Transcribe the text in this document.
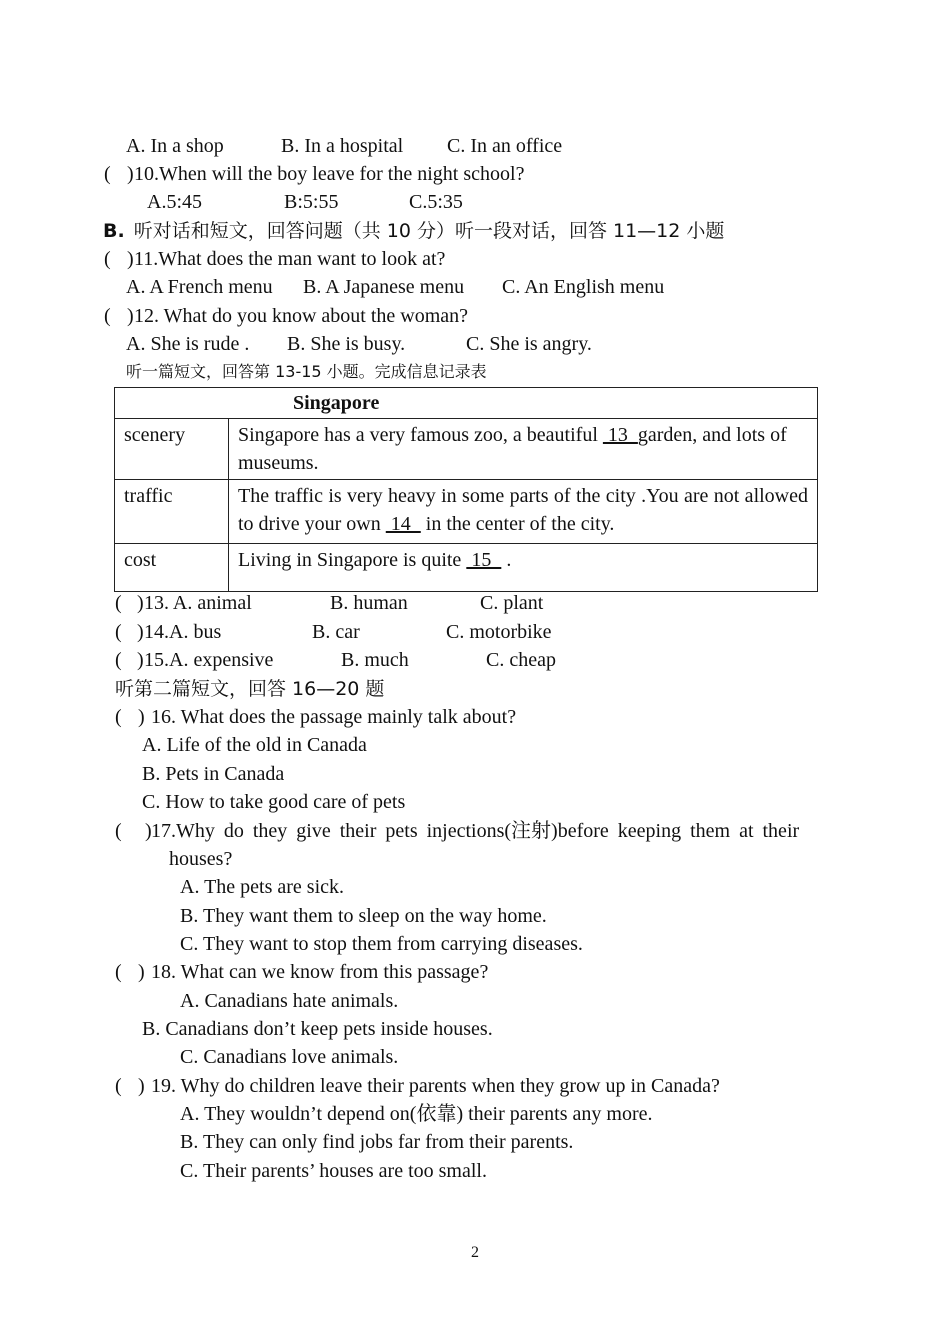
A. In a shop	B. In a hospital C. In an office
( ) 10.When will the boy leave for the night school?
A.5:45	B:5:55	C.5:35
B. 听对话和短文，回答问题（共 10 分）听一段对话，回答 11—12 小题
( ) 11.What does the man want to look at?
A. A French menu B. A Japanese menu C. An English menu
( ) 12. What do you know about the woman?
A. She is rude . B. She is busy.	C. She is angry.
听一篇短文，回答第 13-15 小题。完成信息记录表
Singapore	
scenery	Singapore has a very famous zoo, a beautiful  13  garden, and lots of museums.
traffic	The traffic is very heavy in some parts of the city .You are not allowed to drive your own  14   in the center of the city.
cost	Living in Singapore is quite  15   .
( ) 13. A. animal	B. human	C. plant
( ) 14.A. bus	B. car	C. motorbike
( ) 15.A. expensive	B. much	C. cheap
听第二篇短文，回答 16—20 题
( ) 16. What does the passage mainly talk about?
A. Life of the old in Canada
B. Pets in Canada
C. How to take good care of pets
( ) 17.Why do they give their pets injections(注射)before keeping them at their
houses?
A. The pets are sick.
B. They want them to sleep on the way home.
C. They want to stop them from carrying diseases.
( ) 18. What can we know from this passage?
A. Canadians hate animals.
B. Canadians don’t keep pets inside houses.
C. Canadians love animals.
( ) 19. Why do children leave their parents when they grow up in Canada?
A. They wouldn’t depend on(依靠) their parents any more.
B. They can only find jobs far from their parents.
C. Their parents’ houses are too small.
2
